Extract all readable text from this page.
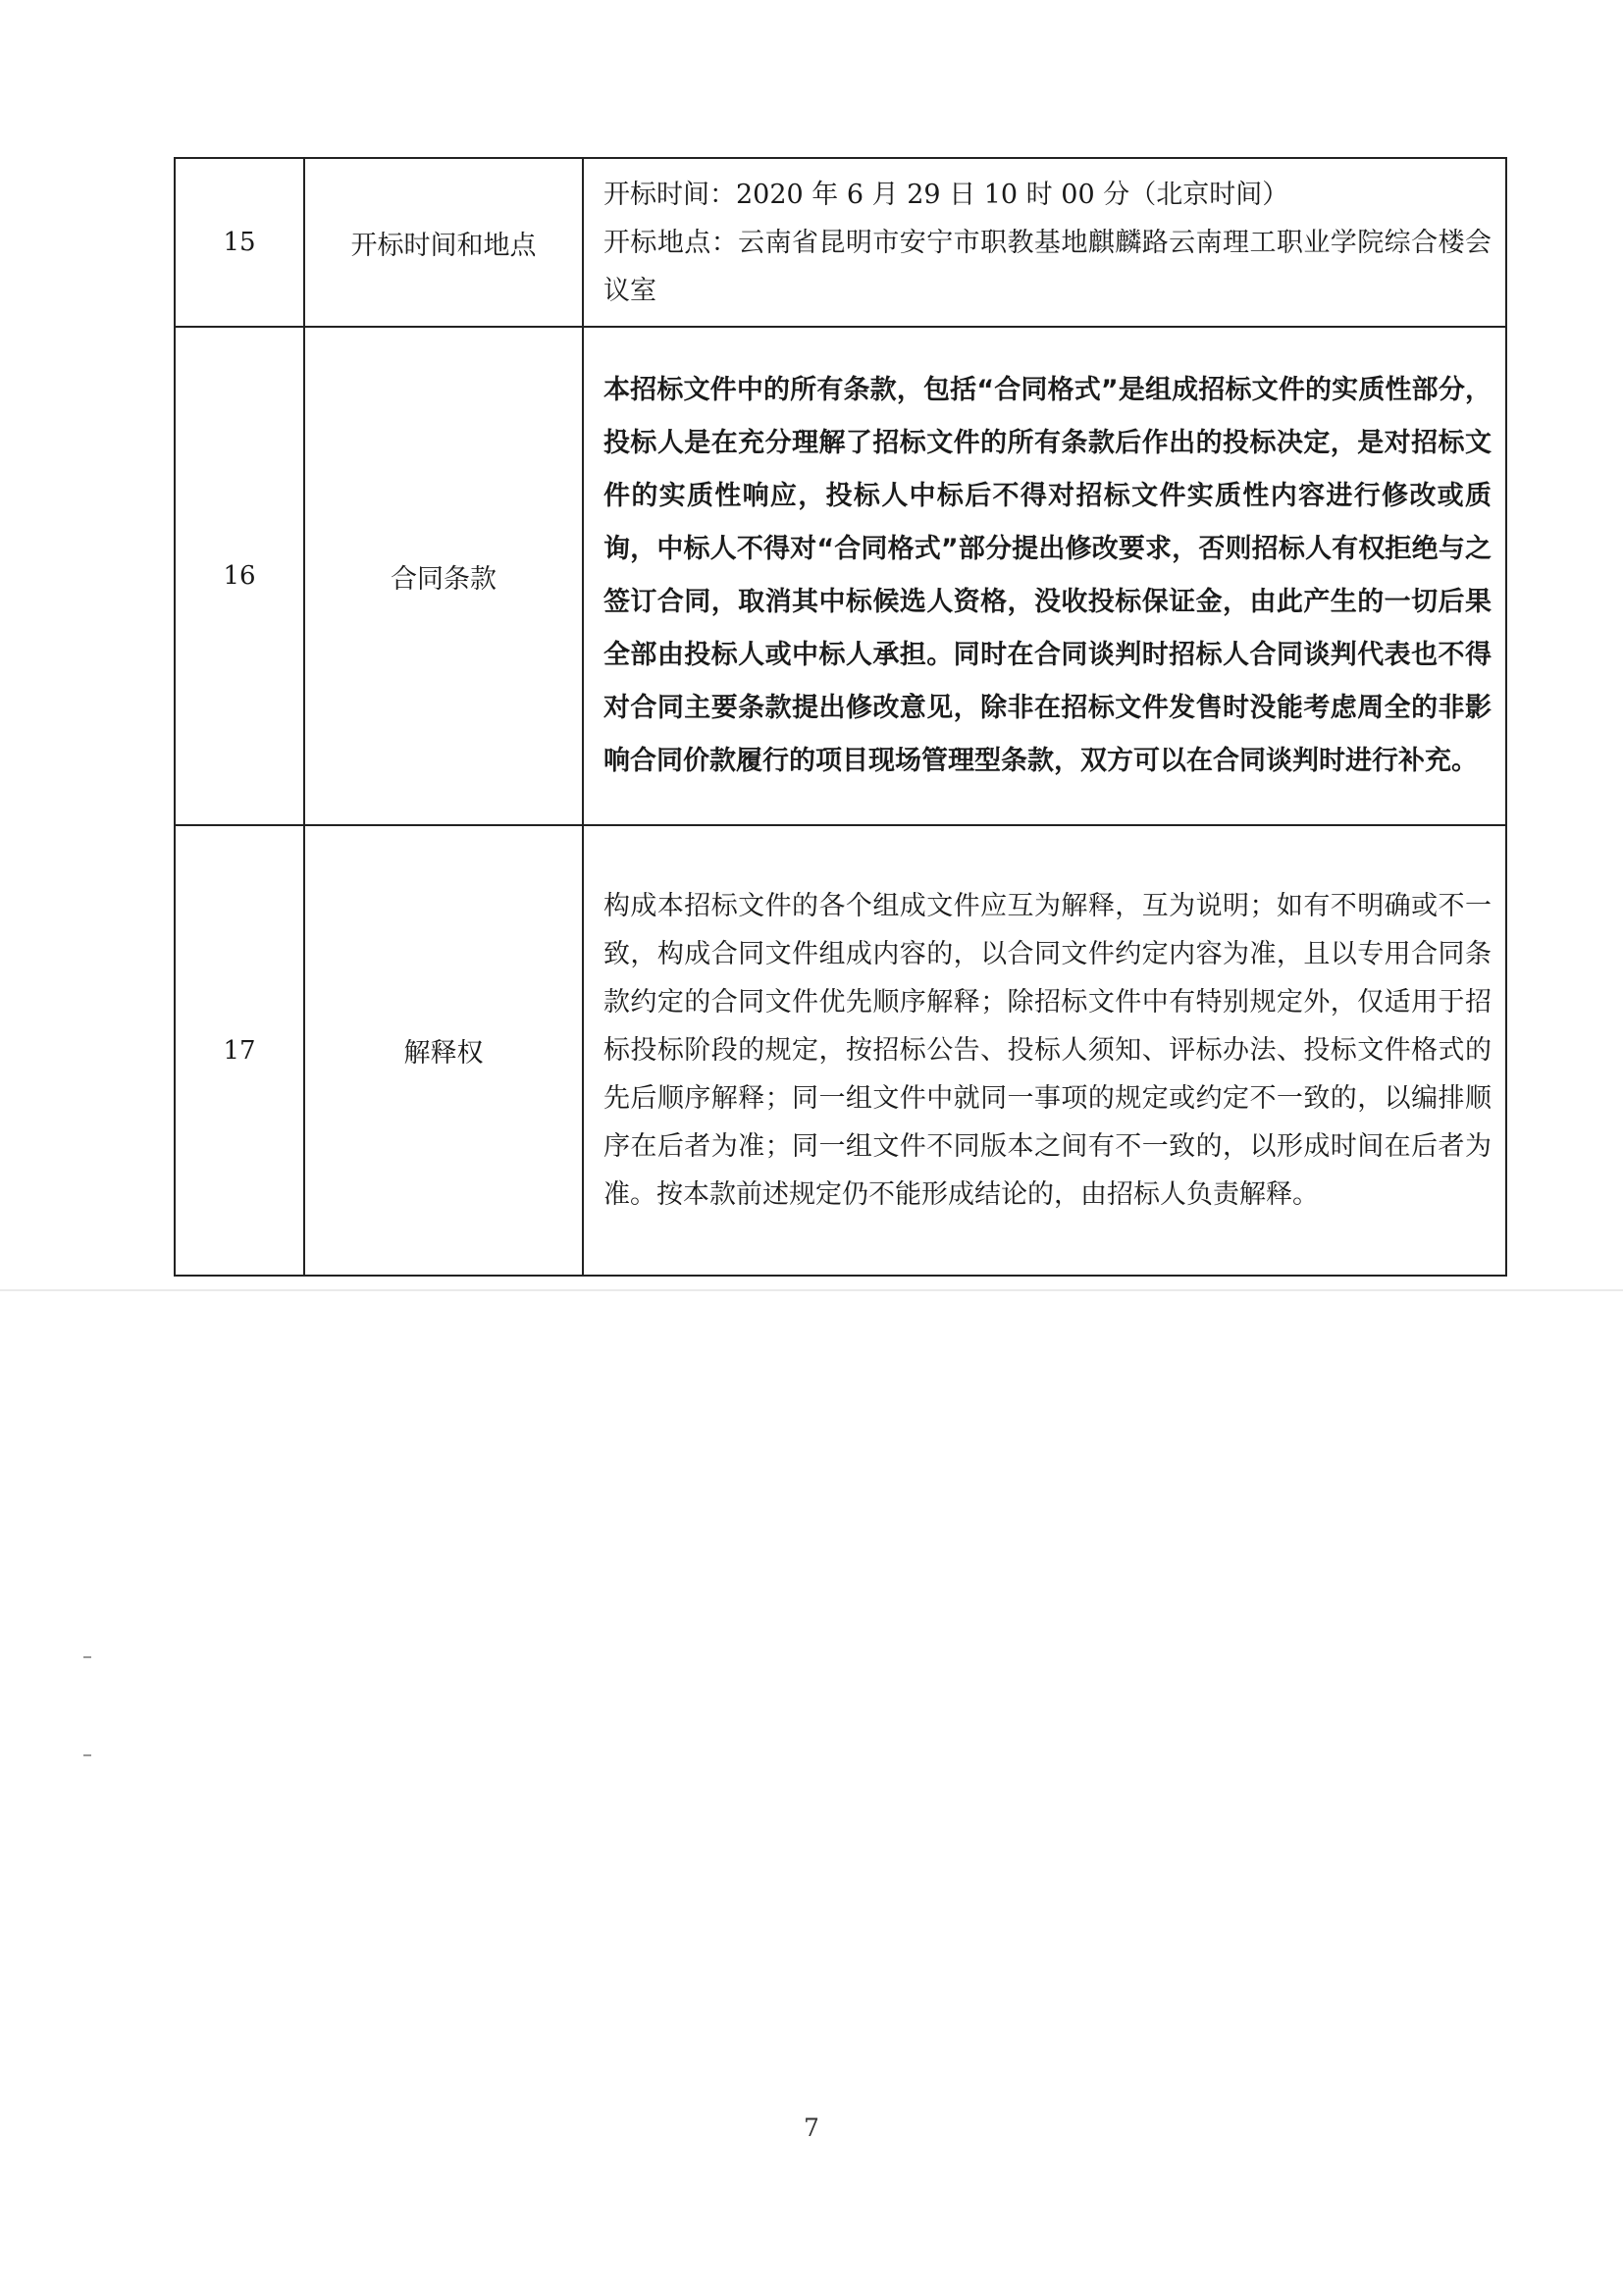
15	开标时间和地点	开标时间：2020 年 6 月 29 日 10 时 00 分（北京时间）

开标地点：云南省昆明市安宁市职教基地麒麟路云南理工职业学院综合楼会议室

16	合同条款	本招标文件中的所有条款，包括“合同格式”是组成招标文件的实质性部分，投标人是在充分理解了招标文件的所有条款后作出的投标决定，是对招标文件的实质性响应，投标人中标后不得对招标文件实质性内容进行修改或质询，中标人不得对“合同格式”部分提出修改要求，否则招标人有权拒绝与之签订合同，取消其中标候选人资格，没收投标保证金，由此产生的一切后果全部由投标人或中标人承担。同时在合同谈判时招标人合同谈判代表也不得对合同主要条款提出修改意见，除非在招标文件发售时没能考虑周全的非影响合同价款履行的项目现场管理型条款，双方可以在合同谈判时进行补充。
17	解释权	构成本招标文件的各个组成文件应互为解释，互为说明；如有不明确或不一致，构成合同文件组成内容的，以合同文件约定内容为准，且以专用合同条款约定的合同文件优先顺序解释；除招标文件中有特别规定外，仅适用于招标投标阶段的规定，按招标公告、投标人须知、评标办法、投标文件格式的先后顺序解释；同一组文件中就同一事项的规定或约定不一致的，以编排顺序在后者为准；同一组文件不同版本之间有不一致的，以形成时间在后者为准。按本款前述规定仍不能形成结论的，由招标人负责解释。
7
